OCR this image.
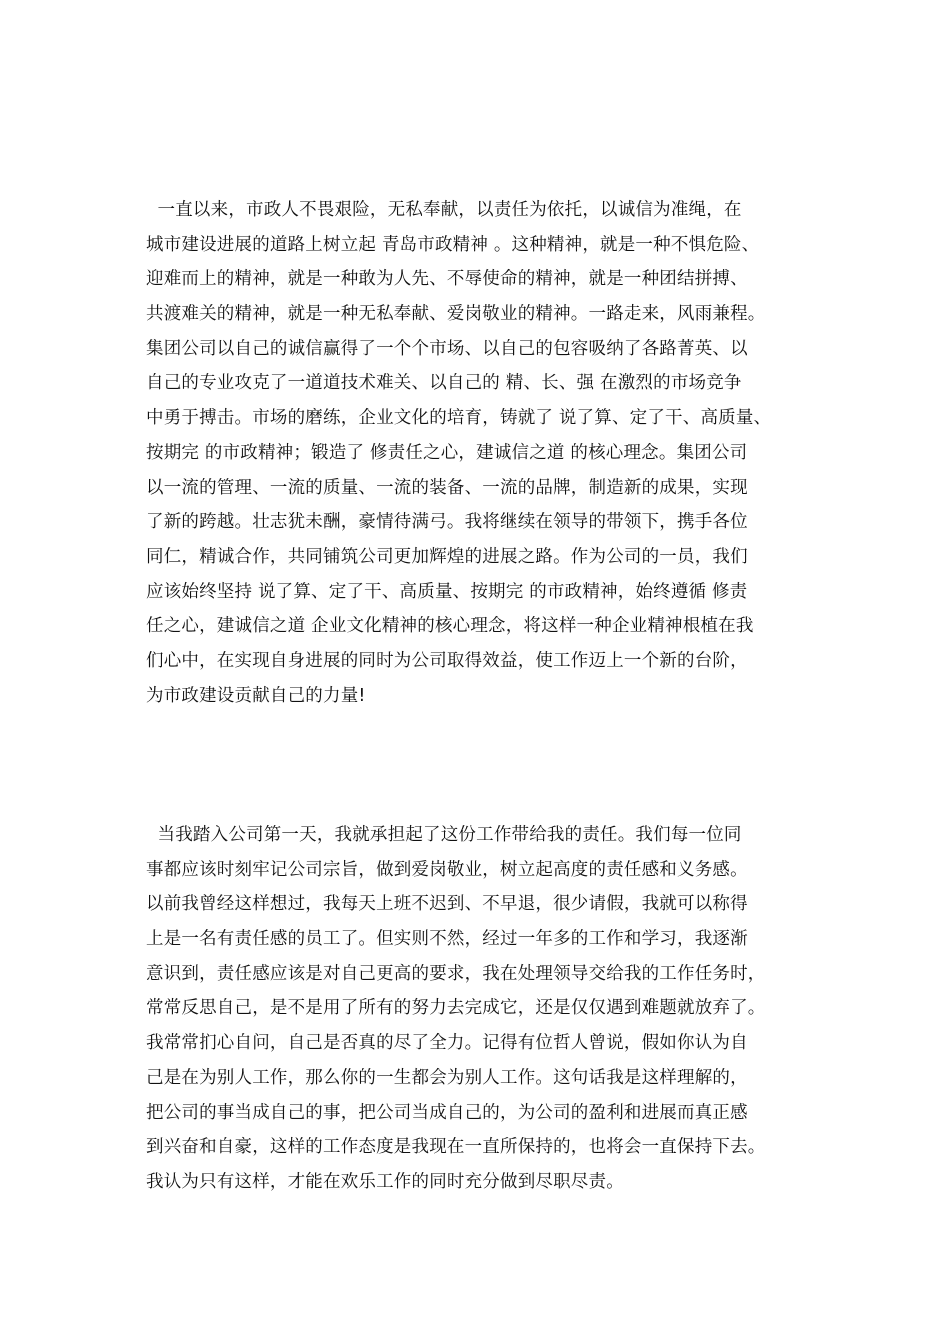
一直以来，市政人不畏艰险，无私奉献，以责任为依托，以诚信为准绳，在
城市建设进展的道路上树立起 青岛市政精神 。这种精神，就是一种不惧危险、
迎难而上的精神，就是一种敢为人先、不辱使命的精神，就是一种团结拼搏、
共渡难关的精神，就是一种无私奉献、爱岗敬业的精神。一路走来，风雨兼程。
集团公司以自己的诚信赢得了一个个市场、以自己的包容吸纳了各路菁英、以
自己的专业攻克了一道道技术难关、以自己的 精、长、强 在激烈的市场竞争
中勇于搏击。市场的磨练，企业文化的培育，铸就了 说了算、定了干、高质量、
按期完 的市政精神；锻造了 修责任之心，建诚信之道 的核心理念。集团公司
以一流的管理、一流的质量、一流的装备、一流的品牌，制造新的成果，实现
了新的跨越。壮志犹未酬，豪情待满弓。我将继续在领导的带领下，携手各位
同仁，精诚合作，共同铺筑公司更加辉煌的进展之路。作为公司的一员，我们
应该始终坚持 说了算、定了干、高质量、按期完 的市政精神，始终遵循 修责
任之心，建诚信之道 企业文化精神的核心理念，将这样一种企业精神根植在我
们心中，在实现自身进展的同时为公司取得效益，使工作迈上一个新的台阶，
为市政建设贡献自己的力量!
当我踏入公司第一天，我就承担起了这份工作带给我的责任。我们每一位同
事都应该时刻牢记公司宗旨，做到爱岗敬业，树立起高度的责任感和义务感。
以前我曾经这样想过，我每天上班不迟到、不早退，很少请假，我就可以称得
上是一名有责任感的员工了。但实则不然，经过一年多的工作和学习，我逐渐
意识到，责任感应该是对自己更高的要求，我在处理领导交给我的工作任务时，
常常反思自己，是不是用了所有的努力去完成它，还是仅仅遇到难题就放弃了。
我常常扪心自问，自己是否真的尽了全力。记得有位哲人曾说，假如你认为自
己是在为别人工作，那么你的一生都会为别人工作。这句话我是这样理解的，
把公司的事当成自己的事，把公司当成自己的，为公司的盈利和进展而真正感
到兴奋和自豪，这样的工作态度是我现在一直所保持的，也将会一直保持下去。
我认为只有这样，才能在欢乐工作的同时充分做到尽职尽责。
